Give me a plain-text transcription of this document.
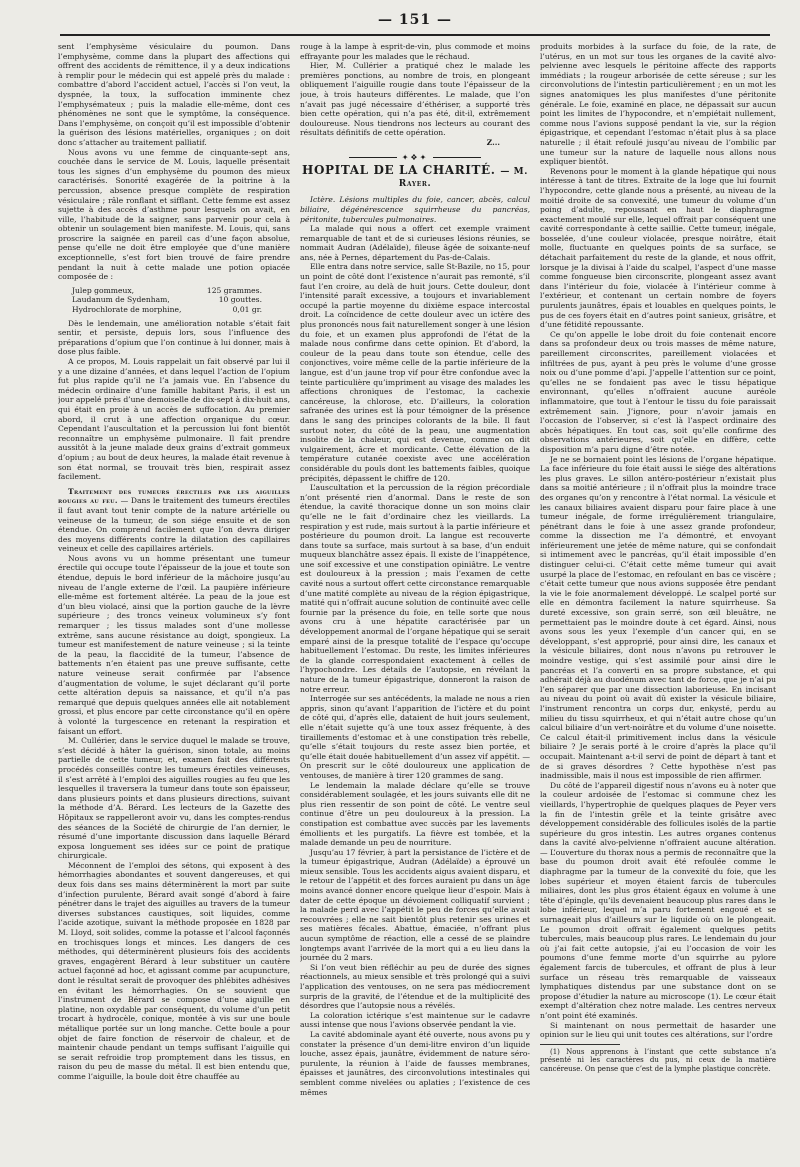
— 151 —

sent l’emphysème vésiculaire du poumon. Dans l’emphysème, comme dans la plupart des affections qui offrent des accidents de rémittence, il y a deux indications à remplir pour le médecin qui est appelé près du malade : combattre d’abord l’accident actuel, l’accès si l’on veut, la dyspnée, la toux, la suffocation imminente chez l’emphysémateux ; puis la maladie elle-même, dont ces phénomènes ne sont que le symptôme, la conséquence. Dans l’emphysème, on conçoit qu’il est impossible d’obtenir la guérison des lésions matérielles, organiques ; on doit donc s’attacher au traitement palliatif.

Nous avons vu une femme de cinquante-sept ans, couchée dans le service de M. Louis, laquelle présentait tous les signes d’un emphysème du poumon des mieux caractérisés. Sonorité exagérée de la poitrine à la percussion, absence presque complète de respiration vésiculaire ; râle ronflant et sifflant. Cette femme est assez sujette à des accès d’asthme pour lesquels on avait, en ville, l’habitude de la saigner, sans parvenir pour cela à obtenir un soulagement bien manifeste. M. Louis, qui, sans proscrire la saignée en pareil cas d’une façon absolue, pense qu’elle ne doit être employée que d’une manière exceptionnelle, s’est fort bien trouvé de faire prendre pendant la nuit à cette malade une potion opiacée composée de :

Julep gommeux,	125 grammes.
Laudanum de Sydenham,	10 gouttes.
Hydrochlorate de morphine,	0,01 gr.

Dès le lendemain, une amélioration notable s’était fait sentir, et persiste, depuis lors, sous l’influence des préparations d’opium que l’on continue à lui donner, mais à dose plus faible.

A ce propos, M. Louis rappelait un fait observé par lui il y a une dizaine d’années, et dans lequel l’action de l’opium fut plus rapide qu’il ne l’a jamais vue. En l’absence du médecin ordinaire d’une famille habitant Paris, il est un jour appelé près d’une demoiselle de dix-sept à dix-huit ans, qui était en proie à un accès de suffocation. Au premier abord, il crut à une affection organique du cœur. Cependant l’auscultation et la percussion lui font bientôt reconnaître un emphysème pulmonaire. Il fait prendre aussitôt à la jeune malade deux grains d’extrait gommeux d’opium ; au bout de deux heures, la malade était revenue à son état normal, se trouvait très bien, respirait assez facilement.

Traitement des tumeurs érectiles par les aiguilles rougies au feu. — Dans le traitement des tumeurs érectiles il faut avant tout tenir compte de la nature artérielle ou veineuse de la tumeur, de son siége ensuite et de son étendue. On comprend facilement que l’on devra diriger des moyens différents contre la dilatation des capillaires veineux et celle des capillaires artériels.

Nous avons vu un homme présentant une tumeur érectile qui occupe toute l’épaisseur de la joue et toute son étendue, depuis le bord inférieur de la mâchoire jusqu’au niveau de l’angle externe de l’œil. La paupière inférieure elle-même est fortement altérée. La peau de la joue est d’un bleu violacé, ainsi que la portion gauche de la lèvre supérieure ; des troncs veineux volumineux s’y font remarquer ; les tissus malades sont d’une mollesse extrême, sans aucune résistance au doigt, spongieux. La tumeur est manifestement de nature veineuse ; si la teinte de la peau, la flaccidité de la tumeur, l’absence de battements n’en étaient pas une preuve suffisante, cette nature veineuse serait confirmée par l’absence d’augmentation de volume, le sujet déclarant qu’il porte cette altération depuis sa naissance, et qu’il n’a pas remarqué que depuis quelques années elle ait notablement grossi, et plus encore par cette circonstance qu’il en opère à volonté la turgescence en retenant la respiration et faisant un effort.

M. Cullérier, dans le service duquel le malade se trouve, s’est décidé à hâter la guérison, sinon totale, au moins partielle de cette tumeur, et, examen fait des différents procédés conseillés contre les tumeurs érectiles veineuses, il s’est arrêté à l’emploi des aiguilles rougies au feu que les lesquelles il traversera la tumeur dans toute son épaisseur, dans plusieurs points et dans plusieurs directions, suivant la méthode d’A. Bérard. Les lecteurs de la Gazette des Hôpitaux se rappelleront avoir vu, dans les comptes-rendus des séances de la Société de chirurgie de l’an dernier, le résumé d’une importante discussion dans laquelle Bérard exposa longuement ses idées sur ce point de pratique chirurgicale.

Méconnent de l’emploi des sétons, qui exposent à des hémorrhagies abondantes et souvent dangereuses, et qui deux fois dans ses mains déterminèrent la mort par suite d’infection purulente, Bérard avait songé d’abord à faire pénétrer dans le trajet des aiguilles au travers de la tumeur diverses substances caustiques, soit liquides, comme l’acide azotique, suivant la méthode proposée en 1828 par M. Lloyd, soit solides, comme la potasse et l’alcool façonnés en trochisques longs et minces. Les dangers de ces méthodes, qui déterminèrent plusieurs fois des accidents graves, engagèrent Bérard à leur substituer un cautère actuel façonné ad hoc, et agissant comme par acupuncture, dont le résultat serait de provoquer des phlébites adhésives en évitant les hémorrhagies. On se souvient que l’instrument de Bérard se compose d’une aiguille en platine, non oxydable par conséquent, du volume d’un petit trocart à hydrocèle, conique, montée à vis sur une boule métallique portée sur un long manche. Cette boule a pour objet de faire fonction de réservoir de chaleur, et de maintenir chaude pendant un temps suffisant l’aiguille qui se serait refroidie trop promptement dans les tissus, en raison du peu de masse du métal. Il est bien entendu que, comme l’aiguille, la boule doit être chauffée au

rouge à la lampe à esprit-de-vin, plus commode et moins effrayante pour les malades que le réchaud.

Hier, M. Cullérier a pratiqué chez le malade les premières ponctions, au nombre de trois, en plongeant obliquement l’aiguille rougie dans toute l’épaisseur de la joue, à trois hauteurs différentes. Le malade, que l’on n’avait pas jugé nécessaire d’éthériser, a supporté très bien cette opération, qui n’a pas été, dit-il, extrêmement douloureuse. Nous tiendrons nos lecteurs au courant des résultats définitifs de cette opération.

Z...
✦❖✦
HOPITAL DE LA CHARITÉ. — M. Rayer.

Ictère. Lésions multiples du foie, cancer, abcès, calcul biliaire, dégénérescence squirrheuse du pancréas, péritonite, tubercules pulmonaires.

La malade qui nous a offert cet exemple vraiment remarquable de tant et de si curieuses lésions réunies, se nommait Audran (Adélaïde), fileuse âgée de soixante-neuf ans, née à Pernes, département du Pas-de-Calais.

Elle entra dans notre service, salle St-Bazile, no 15, pour un point de côté dont l’existence n’aurait pas remonté, s’il faut l’en croire, au delà de huit jours. Cette douleur, dont l’intensité paraît excessive, a toujours et invariablement occupé la partie moyenne du dixième espace intercostal droit. La coïncidence de cette douleur avec un ictère des plus prononcés nous fait naturellement songer à une lésion du foie, et un examen plus approfondi de l’état de la malade nous confirme dans cette opinion. Et d’abord, la couleur de la peau dans toute son étendue, celle des conjonctives, voire même celle de la partie inférieure de la langue, est d’un jaune trop vif pour être confondue avec la teinte particulière qu’impriment au visage des malades les affections chroniques de l’estomac, la cachexie cancéreuse, la chlorose, etc. D’ailleurs, la coloration safranée des urines est là pour témoigner de la présence dans le sang des principes colorants de la bile. Il faut surtout noter, du côté de la peau, une augmentation insolite de la chaleur, qui est devenue, comme on dit vulgairement, âcre et mordicante. Cette élévation de la température cutanée coexiste avec une accélération considérable du pouls dont les battements faibles, quoique précipités, dépassent le chiffre de 120.

L’auscultation et la percussion de la région précordiale n’ont présenté rien d’anormal. Dans le reste de son étendue, la cavité thoracique donne un son moins clair qu’elle ne le fait d’ordinaire chez les vieillards. La respiration y est rude, mais surtout à la partie inférieure et postérieure du poumon droit. La langue est recouverte dans toute sa surface, mais surtout à sa base, d’un enduit muqueux blanchâtre assez épais. Il existe de l’inappétence, une soif excessive et une constipation opiniâtre. Le ventre est douloureux à la pression ; mais l’examen de cette cavité nous a surtout offert cette circonstance remarquable d’une matité complète au niveau de la région épigastrique, matité qui n’offrait aucune solution de continuité avec celle fournie par la présence du foie, en telle sorte que nous avons cru à une hépatite caractérisée par un développement anormal de l’organe hépatique qui se serait emparé ainsi de la presque totalité de l’espace qu’occupe habituellement l’estomac. Du reste, les limites inférieures de la glande correspondaient exactement à celles de l’hypochondre. Les détails de l’autopsie, en révélant la nature de la tumeur épigastrique, donneront la raison de notre erreur.

Interrogée sur ses antécédents, la malade ne nous a rien appris, sinon qu’avant l’apparition de l’ictère et du point de côté qui, d’après elle, dataient de huit jours seulement, elle n’était sujette qu’à une toux assez fréquente, à des tiraillements d’estomac et à une constipation très rebelle, qu’elle s’était toujours du reste assez bien portée, et qu’elle était douée habituellement d’un assez vif appétit. — On prescrit sur le côté douloureux une application de ventouses, de manière à tirer 120 grammes de sang.

Le lendemain la malade déclare qu’elle se trouve considérablement soulagée, et les jours suivants elle dit ne plus rien ressentir de son point de côté. Le ventre seul continue d’être un peu douloureux à la pression. La constipation est combattue avec succès par les lavements émollients et les purgatifs. La fièvre est tombée, et la malade demande un peu de nourriture.

Jusqu’au 17 février, à part la persistance de l’ictère et de la tumeur épigastrique, Audran (Adélaïde) a éprouvé un mieux sensible. Tous les accidents aigus avaient disparu, et le retour de l’appétit et des forces auraient pu dans un âge moins avancé donner encore quelque lieur d’espoir. Mais à dater de cette époque un dévoiement colliquatif survient ; la malade perd avec l’appétit le peu de forces qu’elle avait recouvrées ; elle ne sait bientôt plus retenir ses urines et ses matières fécales. Abattue, émaciée, n’offrant plus aucun symptôme de réaction, elle a cessé de se plaindre longtemps avant l’arrivée de la mort qui a eu lieu dans la journée du 2 mars.

Si l’on veut bien réfléchir au peu de durée des signes réactionnels, au mieux sensible et très prolongé qui a suivi l’application des ventouses, on ne sera pas médiocrement surpris de la gravité, de l’étendue et de la multiplicité des désordres que l’autopsie nous a révélés.

La coloration ictérique s’est maintenue sur le cadavre aussi intense que nous l’avions observée pendant la vie.

La cavité abdominale ayant été ouverte, nous avons pu y constater la présence d’un demi-litre environ d’un liquide louche, assez épais, jaunâtre, évidemment de nature séro-purulente, la réunion à l’aide de fausses membranes, épaisses et jaunâtres, des circonvolutions intestinales qui semblent comme nivelées ou aplaties ; l’existence de ces mêmes

produits morbides à la surface du foie, de la rate, de l’utérus, en un mot sur tous les organes de la cavité alvo-pelvienne avec lesquels le péritoine affecte des rapports immédiats ; la rougeur arborisée de cette séreuse ; sur les circonvolutions de l’intestin particulièrement ; en un mot les signes anatomiques les plus manifestes d’une péritonite générale. Le foie, examiné en place, ne dépassait sur aucun point les limites de l’hypocondre, et n’empiétait nullement, comme nous l’avions supposé pendant la vie, sur la région épigastrique, et cependant l’estomac n’était plus à sa place naturelle ; il était refoulé jusqu’au niveau de l’ombilic par une tumeur sur la nature de laquelle nous allons nous expliquer bientôt.

Revenons pour le moment à la glande hépatique qui nous intéresse à tant de titres. Extraite de la loge que lui fournit l’hypocondre, cette glande nous a présenté, au niveau de la moitié droite de sa convexité, une tumeur du volume d’un poing d’adulte, repoussant en haut le diaphragme exactement moulé sur elle, lequel offrait par conséquent une cavité correspondante à cette saillie. Cette tumeur, inégale, bosselée, d’une couleur violacée, presque noirâtre, était molle, fluctuante en quelques points de sa surface, se détachait parfaitement du reste de la glande, et nous offrit, lorsque je la divisai à l’aide du scalpel, l’aspect d’une masse comme fongueuse bien circonscrite, plongeant assez avant dans l’intérieur du foie, violacée à l’intérieur comme à l’extérieur, et contenant un certain nombre de foyers purulents jaunâtres, épais et louables en quelques points, le pus de ces foyers était en d’autres point sanieux, grisâtre, et d’une fétidité repoussante.

Ce qu’on appelle le lobe droit du foie contenait encore dans sa profondeur deux ou trois masses de même nature, pareillement circonscrites, pareillement violacées et infiltrées de pus, ayant à peu près le volume d’une grosse noix ou d’une pomme d’api. J’appelle l’attention sur ce point, qu’elles ne se fondaient pas avec le tissu hépatique environnant, qu’elles n’offraient aucune auréole inflammatoire, que tout à l’entour le tissu du foie paraissait extrêmement sain. J’ignore, pour n’avoir jamais en l’occasion de l’observer, si c’est là l’aspect ordinaire des abcès hépatiques. En tout cas, soit qu’elle confirme des observations antérieures, soit qu’elle en diffère, cette disposition m’a paru digne d’être notée.

Je ne se bornaient point les lésions de l’organe hépatique. La face inférieure du foie était aussi le siége des altérations les plus graves. Le sillon antéro-postérieur n’existait plus dans sa moitié antérieure ; il n’offrait plus la moindre trace des organes qu’on y rencontre à l’état normal. La vésicule et les canaux biliaires avaient disparu pour faire place à une tumeur inégale, de forme irrégulièrement triangulaire, pénétrant dans le foie à une assez grande profondeur, comme la dissection me l’a démontré, et envoyant inférieurement une jetée de même nature, qui se confondait si intimement avec le pancréas, qu’il était impossible d’en distinguer celui-ci. C’était cette même tumeur qui avait usurpé la place de l’estomac, en refoulant en bas ce viscère ; c’était cette tumeur que nous avions supposée être pendant la vie le foie anormalement développé. Le scalpel porté sur elle en démontra facilement la nature squirrheuse. Sa dureté excessive, son grain serré, son œil bleuâtre, ne permettaient pas le moindre doute à cet égard. Ainsi, nous avons sous les yeux l’exemple d’un cancer qui, en se développant, s’est approprié, pour ainsi dire, les canaux et la vésicule biliaires, dont nous n’avons pu retrouver le moindre vestige, qui s’est assimilé pour ainsi dire le pancréas et l’a converti en sa propre substance, et qui adhérait déjà au duodénum avec tant de force, que je n’ai pu l’en séparer que par une dissection laborieuse. En incisant au niveau du point où avait dû exister la vésicule biliaire, l’instrument rencontra un corps dur, enkysté, perdu au milieu du tissu squirrheux, et qui n’était autre chose qu’un calcul biliaire d’un vert-noirâtre et du volume d’une noisette. Ce calcul était-il primitivement inclus dans la vésicule biliaire ? Je serais porté à le croire d’après la place qu’il occupait. Maintenant a-t-il servi de point de départ à tant et de si graves désordres ? Cette hypothèse n’est pas inadmissible, mais il nous est impossible de rien affirmer.

Du côté de l’appareil digestif nous n’avons eu à noter que la couleur ardoisée de l’estomac si commune chez les vieillards, l’hypertrophie de quelques plaques de Peyer vers la fin de l’intestin grêle et la teinte grisâtre avec développement considérable des follicules isolés de la partie supérieure du gros intestin. Les autres organes contenus dans la cavité alvo-pelvienne n’offraient aucune altération. — L’ouverture du thorax nous a permis de reconnaître que la base du poumon droit avait été refoulée comme le diaphragme par la tumeur de la convexité du foie, que les lobes supérieur et moyen étaient farcis de tubercules miliaires, dont les plus gros étaient égaux en volume à une tête d’épingle, qu’ils devenaient beaucoup plus rares dans le lobe inférieur, lequel m’a paru fortement engoué et se surnageait plus d’ailleurs sur le liquide où on le plongeait. Le poumon droit offrait également quelques petits tubercules, mais beaucoup plus rares. Le lendemain du jour où j’ai fait cette autopsie, j’ai eu l’occasion de voir les poumons d’une femme morte d’un squirrhe au pylore également farcis de tubercules, et offrant de plus à leur surface un réseau très remarquable de vaisseaux lymphatiques distendus par une substance dont on se propose d’étudier la nature au microscope (1). Le cœur était exempt d’altération chez notre malade. Les centres nerveux n’ont point été examinés.

Si maintenant on nous permettait de hasarder une opinion sur le lieu qui unit toutes ces altérations, sur l’ordre

(1) Nous apprenons à l’instant que cette substance n’a présenté ni les caractères du pus, ni ceux de la matière cancéreuse. On pense que c’est de la lymphe plastique concrète.
